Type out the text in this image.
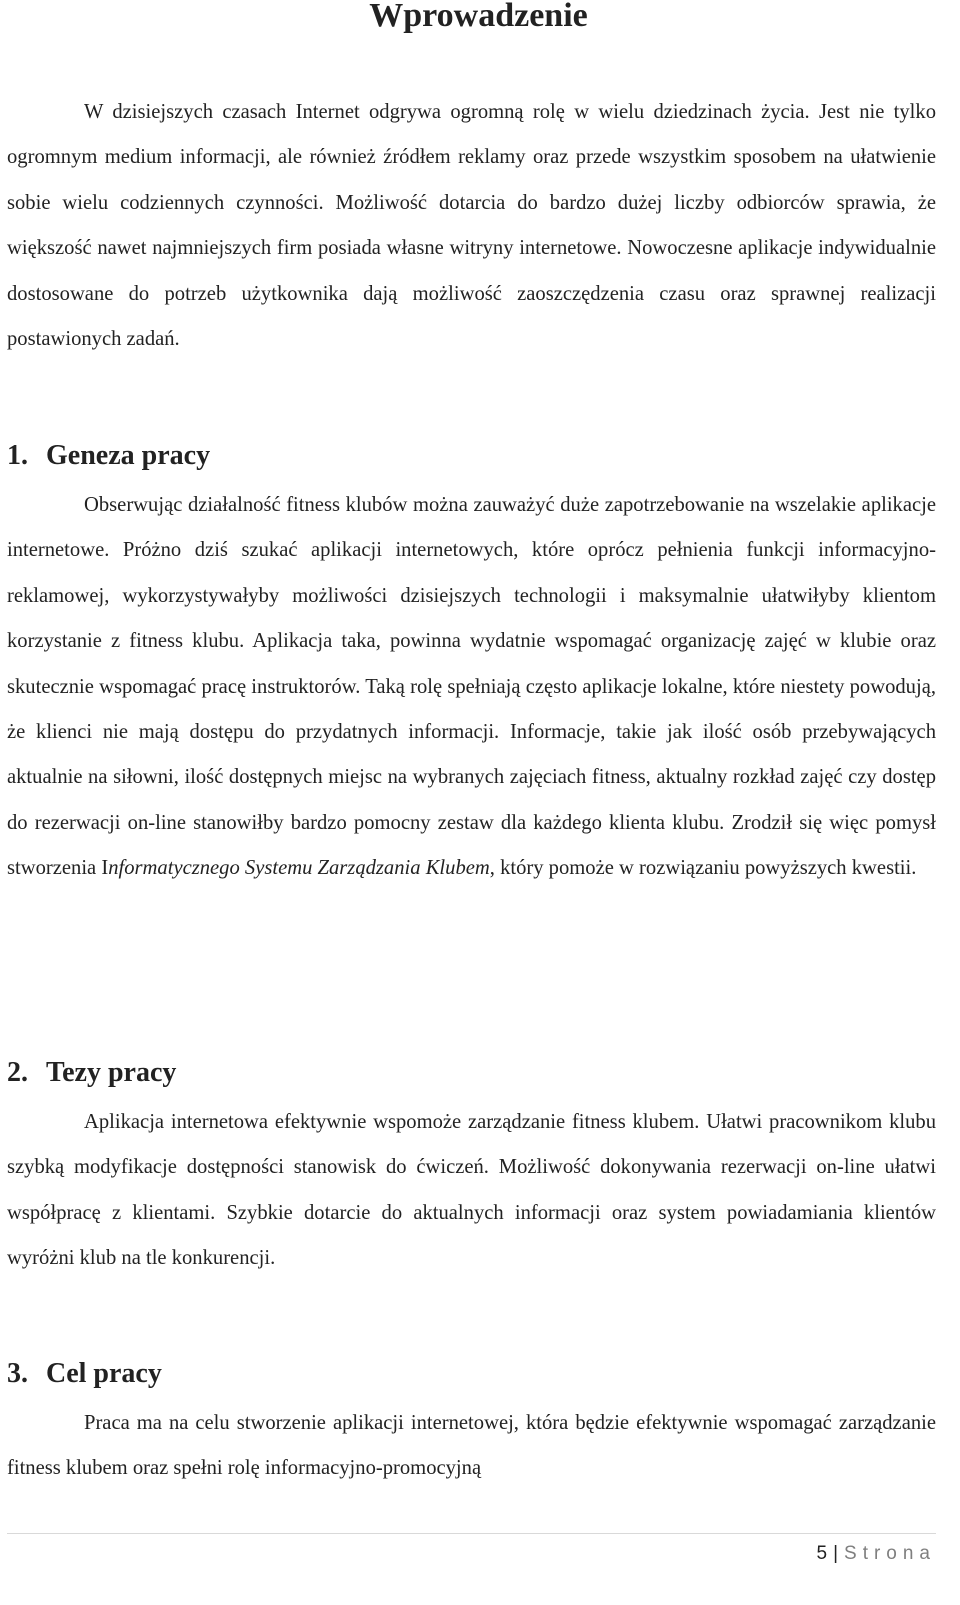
Wprowadzenie

W dzisiejszych czasach Internet odgrywa ogromną rolę w wielu dziedzinach życia. Jest nie tylko ogromnym medium informacji, ale również źródłem reklamy oraz przede wszystkim sposobem na ułatwienie sobie wielu codziennych czynności. Możliwość dotarcia do bardzo dużej liczby odbiorców sprawia, że większość nawet najmniejszych firm posiada własne witryny internetowe. Nowoczesne aplikacje indywidualnie dostosowane do potrzeb użytkownika dają możliwość zaoszczędzenia czasu oraz sprawnej realizacji postawionych zadań.

1. Geneza pracy

Obserwując działalność fitness klubów można zauważyć duże zapotrzebowanie na wszelakie aplikacje internetowe. Próżno dziś szukać aplikacji internetowych, które oprócz pełnienia funkcji informacyjno-reklamowej, wykorzystywałyby możliwości dzisiejszych technologii i maksymalnie ułatwiłyby klientom korzystanie z fitness klubu. Aplikacja taka, powinna wydatnie wspomagać organizację zajęć w klubie oraz skutecznie wspomagać pracę instruktorów. Taką rolę spełniają często aplikacje lokalne, które niestety powodują, że klienci nie mają dostępu do przydatnych informacji. Informacje, takie jak ilość osób przebywających aktualnie na siłowni, ilość dostępnych miejsc na wybranych zajęciach fitness, aktualny rozkład zajęć czy dostęp do rezerwacji on-line stanowiłby bardzo pomocny zestaw dla każdego klienta klubu. Zrodził się więc pomysł stworzenia Informatycznego Systemu Zarządzania Klubem, który pomoże w rozwiązaniu powyższych kwestii.

2. Tezy pracy

Aplikacja internetowa efektywnie wspomoże zarządzanie fitness klubem. Ułatwi pracownikom klubu szybką modyfikacje dostępności stanowisk do ćwiczeń. Możliwość dokonywania rezerwacji on-line ułatwi współpracę z klientami. Szybkie dotarcie do aktualnych informacji oraz system powiadamiania klientów wyróżni klub na tle konkurencji.

3. Cel pracy

Praca ma na celu stworzenie aplikacji internetowej, która będzie efektywnie wspomagać zarządzanie fitness klubem oraz spełni rolę informacyjno-promocyjną

5 | Strona
